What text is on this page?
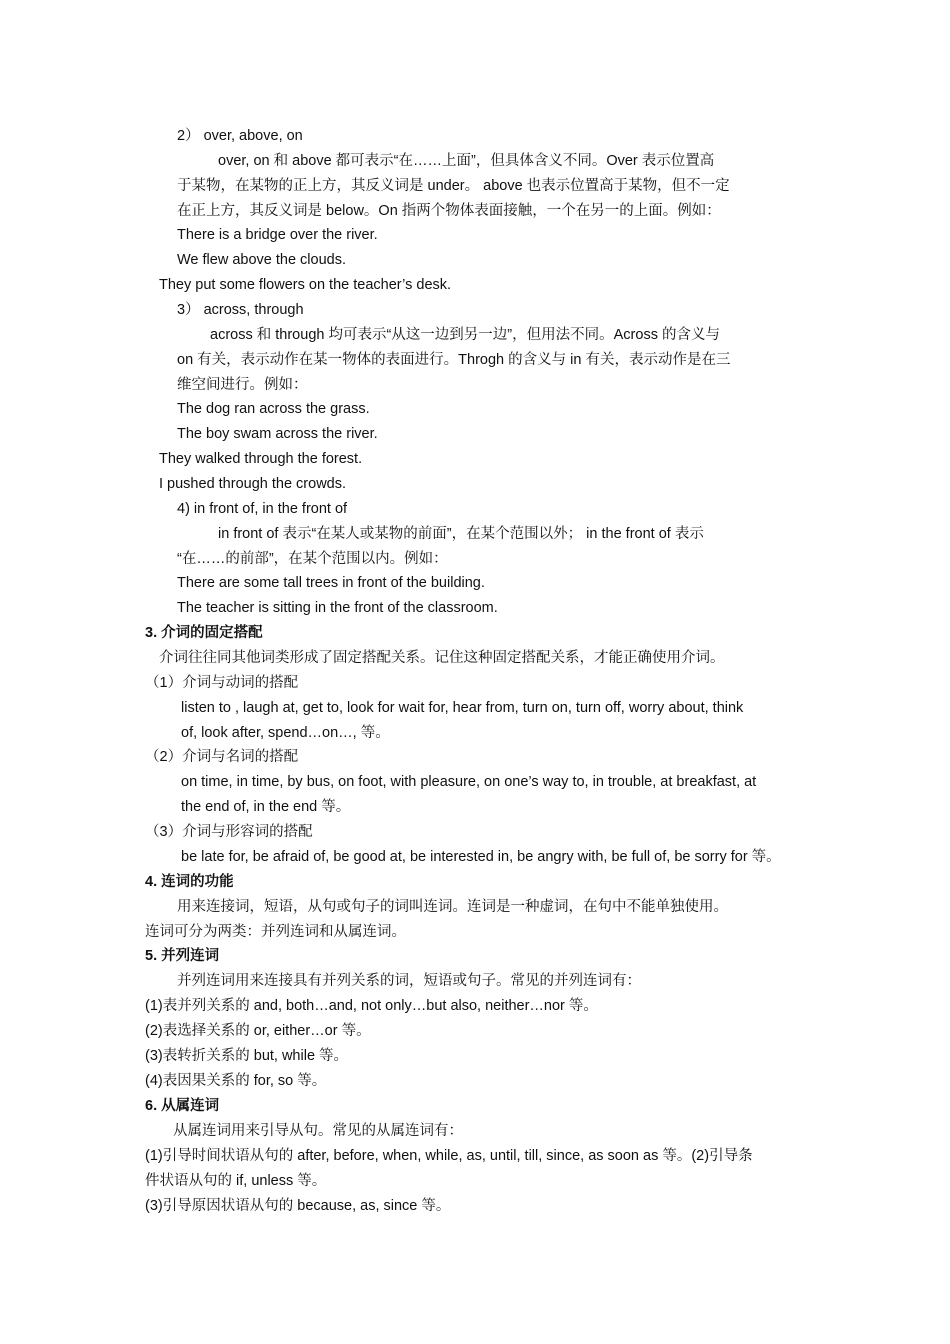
2） over, above, on
over, on 和 above 都可表示“在……上面”，但具体含义不同。Over 表示位置高
于某物，在某物的正上方，其反义词是 under。 above 也表示位置高于某物，但不一定
在正上方，其反义词是 below。On 指两个物体表面接触，一个在另一的上面。例如：
There is a bridge over the river.
We flew above the clouds.
They put some flowers on the teacher’s desk.
3） across, through
across 和 through 均可表示“从这一边到另一边”，但用法不同。Across 的含义与
on 有关，表示动作在某一物体的表面进行。Throgh 的含义与 in 有关，表示动作是在三
维空间进行。例如：
The dog ran across the grass.
The boy swam across the river.
They walked through the forest.
I pushed through the crowds.
4) in front of, in the front of
in front of 表示“在某人或某物的前面”，在某个范围以外； in the front of 表示
“在……的前部”，在某个范围以内。例如：
There are some tall trees in front of the building.
The teacher is sitting in the front of the classroom.
3. 介词的固定搭配
介词往往同其他词类形成了固定搭配关系。记住这种固定搭配关系，才能正确使用介词。
（1）介词与动词的搭配
listen to , laugh at, get to, look for wait for, hear from, turn on, turn off, worry about, think
of, look after, spend…on…, 等。
（2）介词与名词的搭配
on time, in time, by bus, on foot, with pleasure, on one’s way to, in trouble, at breakfast, at
the end of, in the end 等。
（3）介词与形容词的搭配
be late for, be afraid of, be good at, be interested in, be angry with, be full of, be sorry for 等。
4. 连词的功能
用来连接词，短语，从句或句子的词叫连词。连词是一种虚词，在句中不能单独使用。
连词可分为两类：并列连词和从属连词。
5. 并列连词
并列连词用来连接具有并列关系的词，短语或句子。常见的并列连词有：
(1)表并列关系的 and, both…and, not only…but also, neither…nor 等。
(2)表选择关系的 or, either…or 等。
(3)表转折关系的 but, while 等。
(4)表因果关系的 for, so 等。
6. 从属连词
从属连词用来引导从句。常见的从属连词有：
(1)引导时间状语从句的 after, before, when, while, as, until, till, since, as soon as 等。(2)引导条
件状语从句的 if, unless 等。
(3)引导原因状语从句的 because, as, since 等。
